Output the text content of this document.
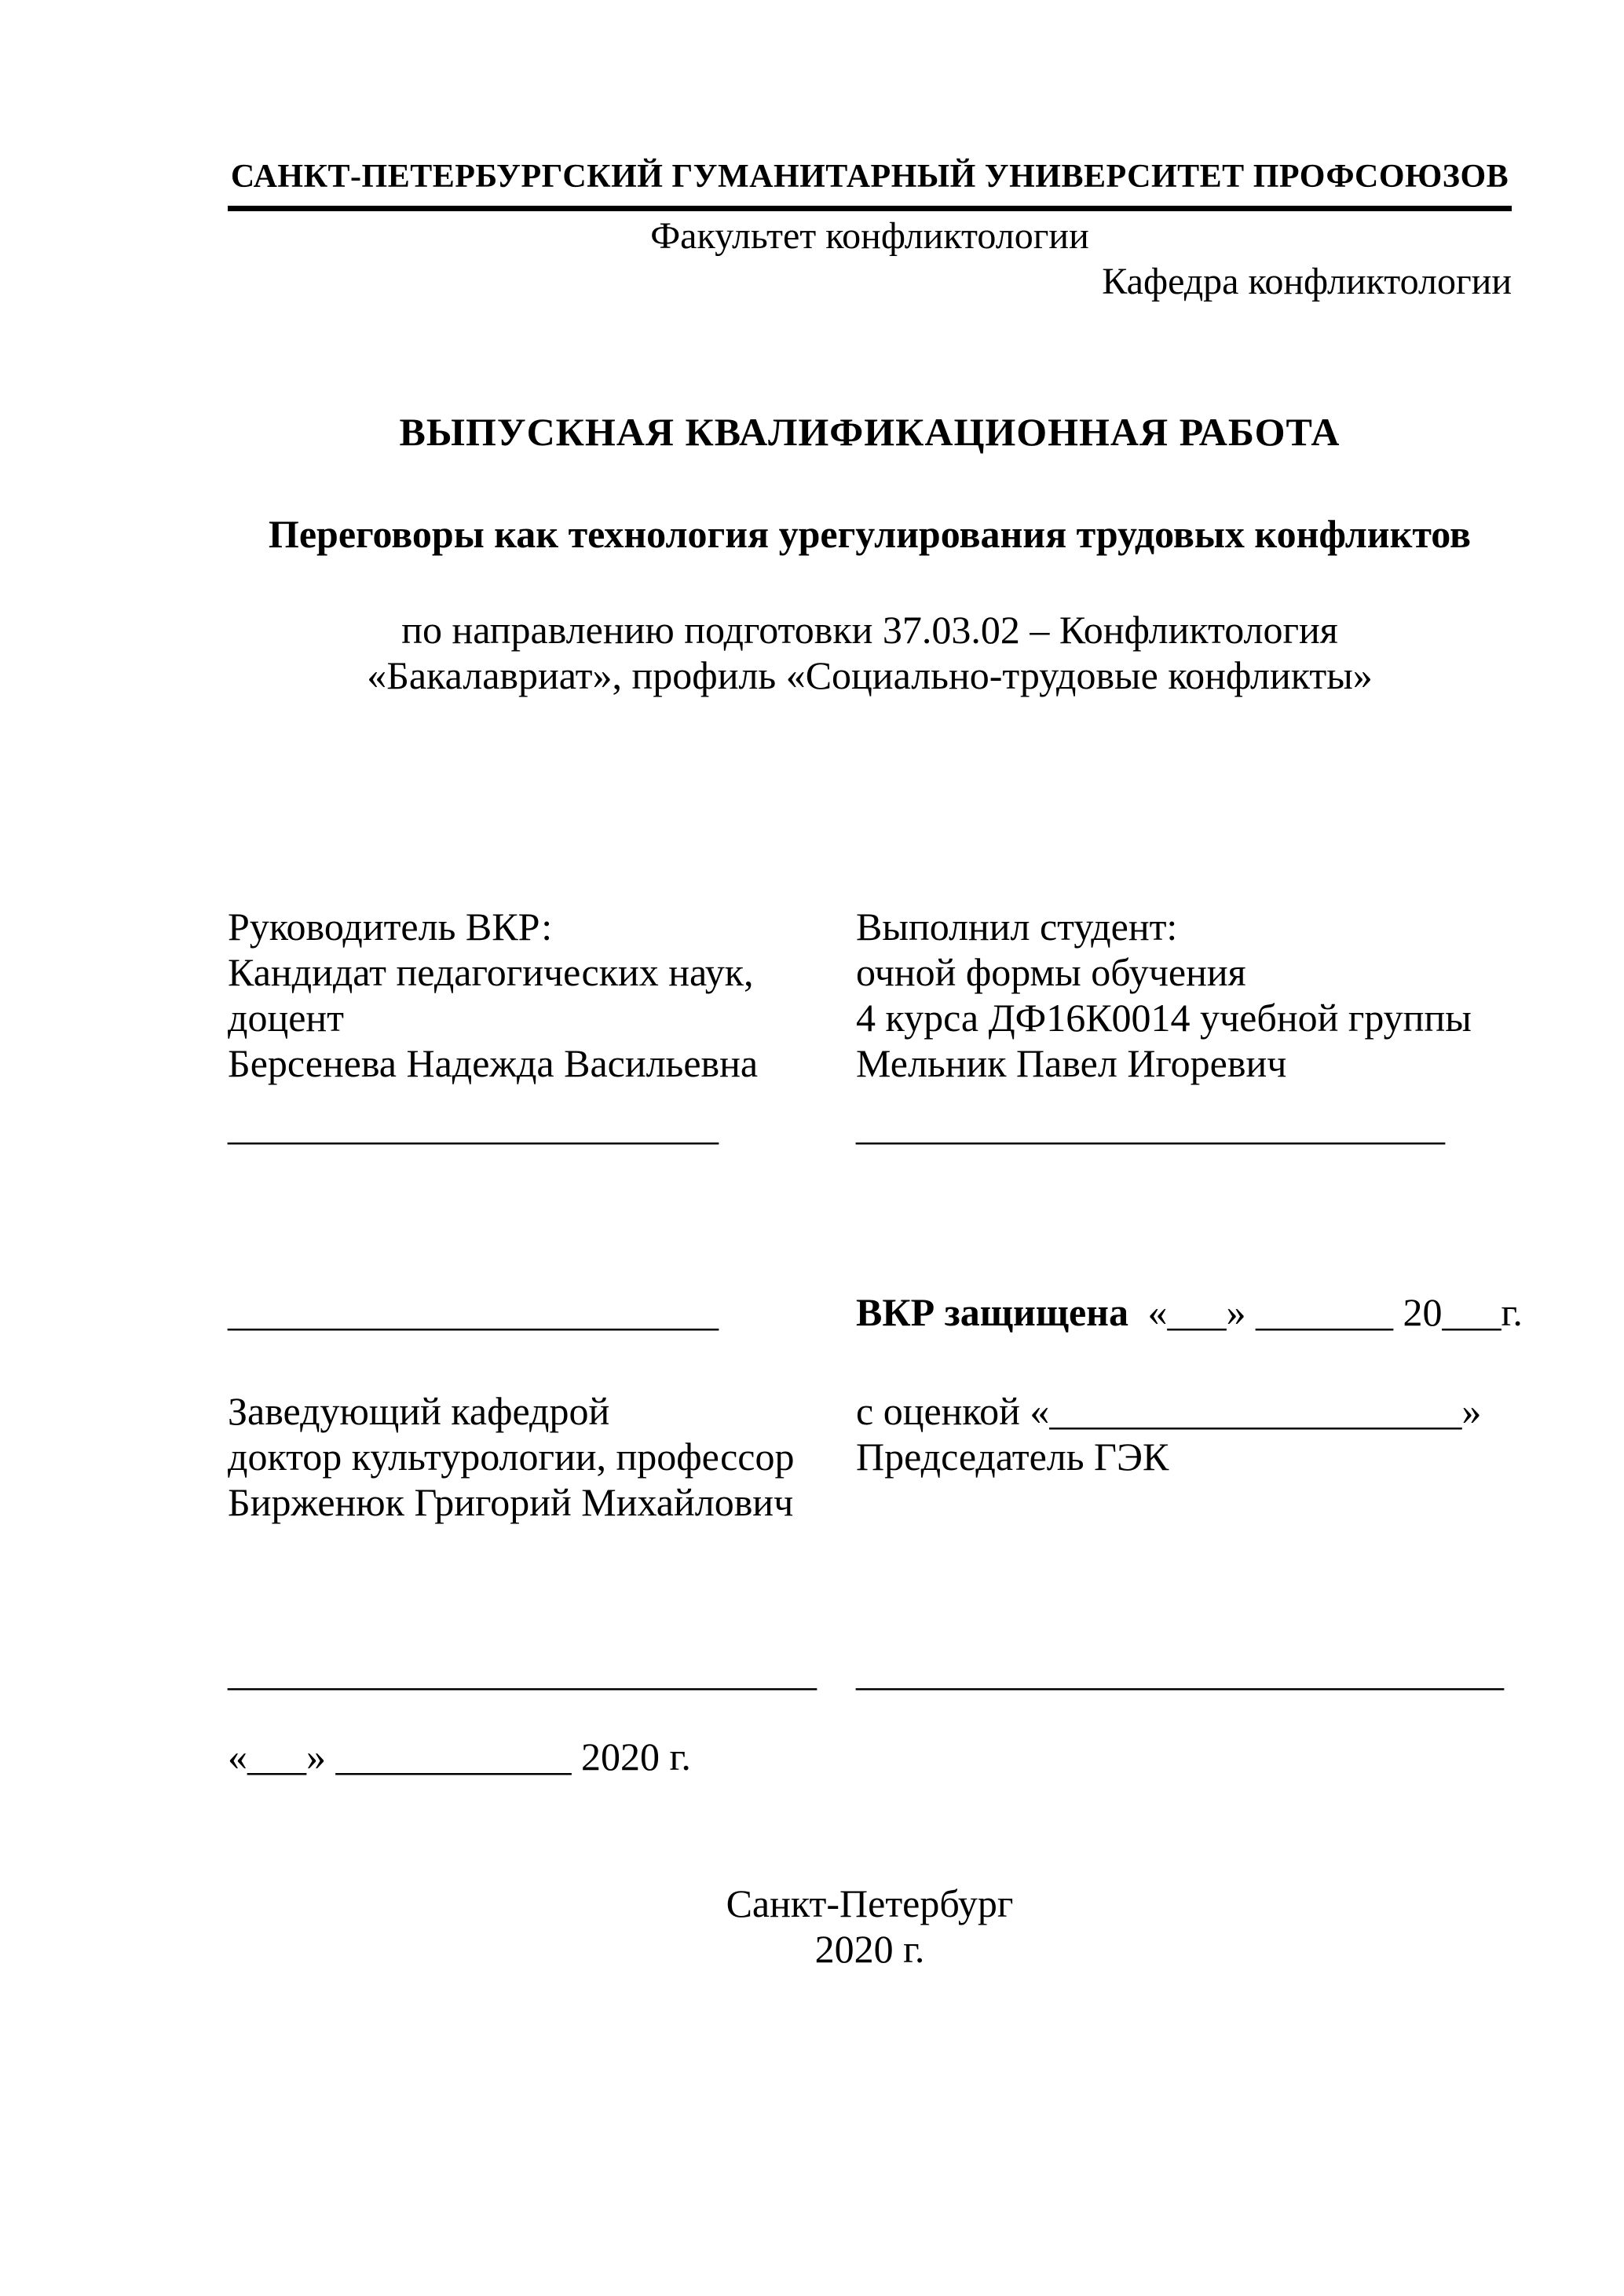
САНКТ-ПЕТЕРБУРГСКИЙ ГУМАНИТАРНЫЙ УНИВЕРСИТЕТ ПРОФСОЮЗОВ
Факультет конфликтологии
Кафедра конфликтологии
ВЫПУСКНАЯ КВАЛИФИКАЦИОННАЯ РАБОТА
Переговоры как технология урегулирования трудовых конфликтов
по направлению подготовки 37.03.02 – Конфликтология
«Бакалавриат», профиль «Социально-трудовые конфликты»
Руководитель ВКР:
Кандидат педагогических наук,
доцент
Берсенева Надежда Васильевна
_________________________
Выполнил студент:
очной формы обучения
4 курса ДФ16К0014 учебной группы
Мельник Павел Игоревич
______________________________
_________________________	ВКР защищена «___» _______ 20___г.
Заведующий кафедрой
доктор культурологии, профессор
Бирженюк Григорий Михайлович
с оценкой «_____________________»
Председатель ГЭК
______________________________	_________________________________
«___» ____________ 2020 г.
Санкт-Петербург
2020 г.
